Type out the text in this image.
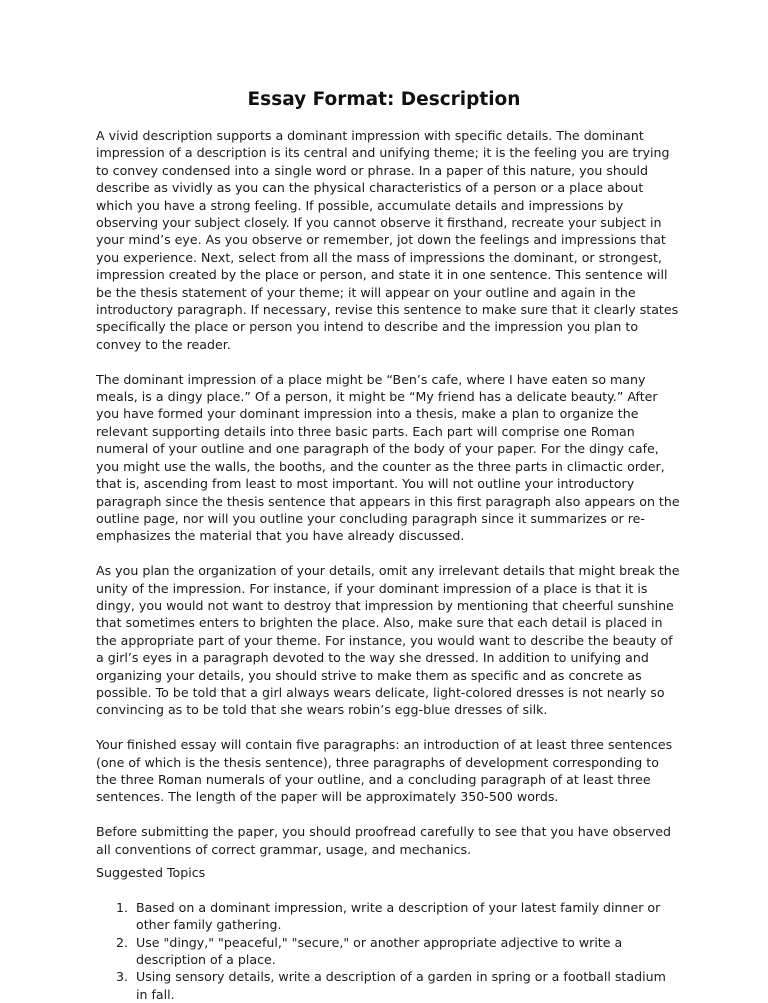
Essay Format: Description

A vivid description supports a dominant impression with specific details. The dominant impression of a description is its central and unifying theme; it is the feeling you are trying to convey condensed into a single word or phrase. In a paper of this nature, you should describe as vividly as you can the physical characteristics of a person or a place about which you have a strong feeling. If possible, accumulate details and impressions by observing your subject closely. If you cannot observe it firsthand, recreate your subject in your mind’s eye. As you observe or remember, jot down the feelings and impressions that you experience. Next, select from all the mass of impressions the dominant, or strongest, impression created by the place or person, and state it in one sentence. This sentence will be the thesis statement of your theme; it will appear on your outline and again in the introductory paragraph. If necessary, revise this sentence to make sure that it clearly states specifically the place or person you intend to describe and the impression you plan to convey to the reader.

The dominant impression of a place might be “Ben’s cafe, where I have eaten so many meals, is a dingy place.” Of a person, it might be “My friend has a delicate beauty.” After you have formed your dominant impression into a thesis, make a plan to organize the relevant supporting details into three basic parts. Each part will comprise one Roman numeral of your outline and one paragraph of the body of your paper. For the dingy cafe, you might use the walls, the booths, and the counter as the three parts in climactic order, that is, ascending from least to most important. You will not outline your introductory paragraph since the thesis sentence that appears in this first paragraph also appears on the outline page, nor will you outline your concluding paragraph since it summarizes or re-emphasizes the material that you have already discussed.

As you plan the organization of your details, omit any irrelevant details that might break the unity of the impression. For instance, if your dominant impression of a place is that it is dingy, you would not want to destroy that impression by mentioning that cheerful sunshine that sometimes enters to brighten the place. Also, make sure that each detail is placed in the appropriate part of your theme. For instance, you would want to describe the beauty of a girl’s eyes in a paragraph devoted to the way she dressed. In addition to unifying and organizing your details, you should strive to make them as specific and as concrete as possible. To be told that a girl always wears delicate, light-colored dresses is not nearly so convincing as to be told that she wears robin’s egg-blue dresses of silk.

Your finished essay will contain five paragraphs: an introduction of at least three sentences (one of which is the thesis sentence), three paragraphs of development corresponding to the three Roman numerals of your outline, and a concluding paragraph of at least three sentences. The length of the paper will be approximately 350-500 words.

Before submitting the paper, you should proofread carefully to see that you have observed all conventions of correct grammar, usage, and mechanics.

Suggested Topics

1. Based on a dominant impression, write a description of your latest family dinner or other family gathering.
2. Use "dingy," "peaceful," "secure," or another appropriate adjective to write a description of a place.
3. Using sensory details, write a description of a garden in spring or a football stadium in fall.
